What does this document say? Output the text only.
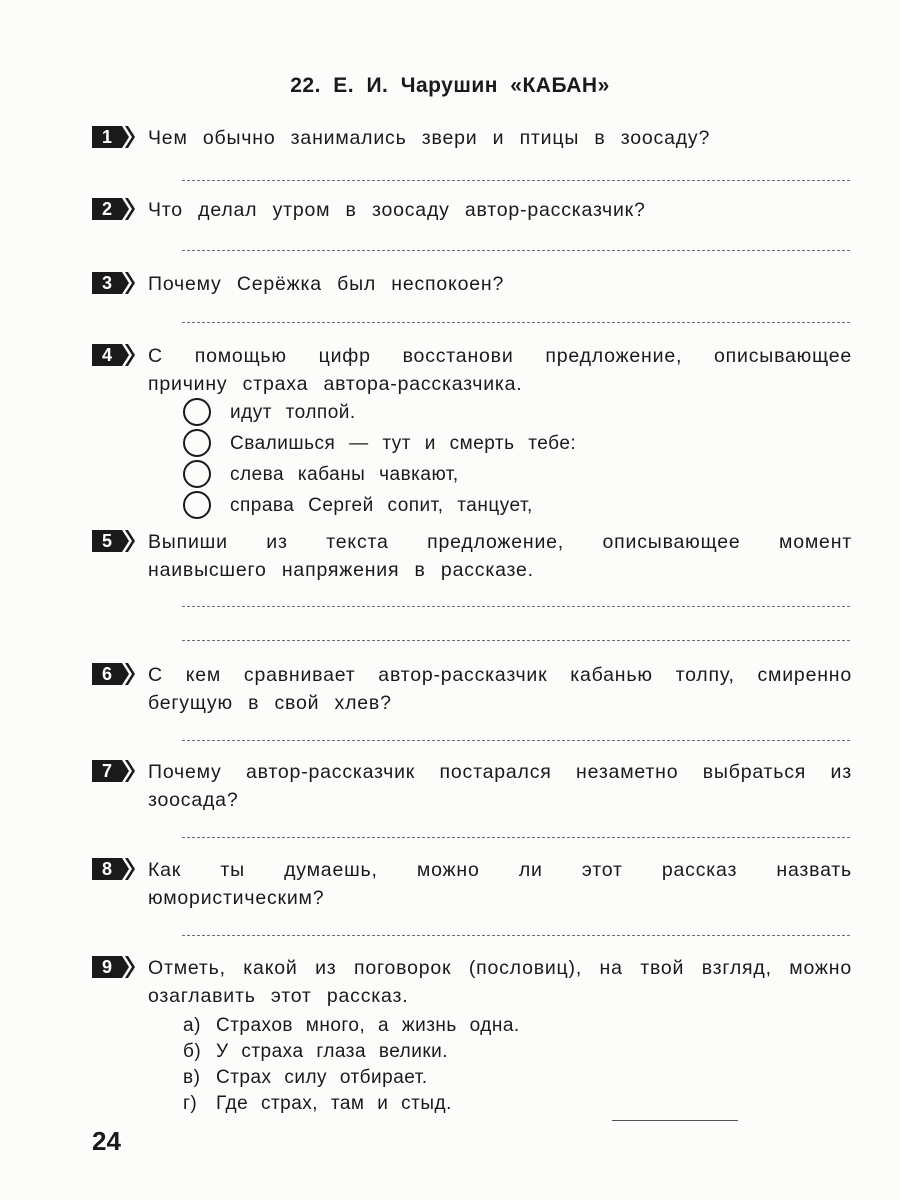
22. Е. И. Чарушин «КАБАН»
1	Чем обычно занимались звери и птицы в зоосаду?
2	Что делал утром в зоосаду автор-рассказчик?
3	Почему Серёжка был неспокоен?
4	С помощью цифр восстанови предложение, описывающее причину страха автора-рассказчика.
идут толпой.
Свалишься — тут и смерть тебе:
слева кабаны чавкают,
справа Сергей сопит, танцует,
5	Выпиши из текста предложение, описывающее момент наивысшего напряжения в рассказе.
6	С кем сравнивает автор-рассказчик кабанью толпу, смиренно бегущую в свой хлев?
7	Почему автор-рассказчик постарался незаметно выбраться из зоосада?
8	Как ты думаешь, можно ли этот рассказ назвать юмористическим?
9	Отметь, какой из поговорок (пословиц), на твой взгляд, можно озаглавить этот рассказ.
а) Страхов много, а жизнь одна.
б) У страха глаза велики.
в) Страх силу отбирает.
г) Где страх, там и стыд.
24
